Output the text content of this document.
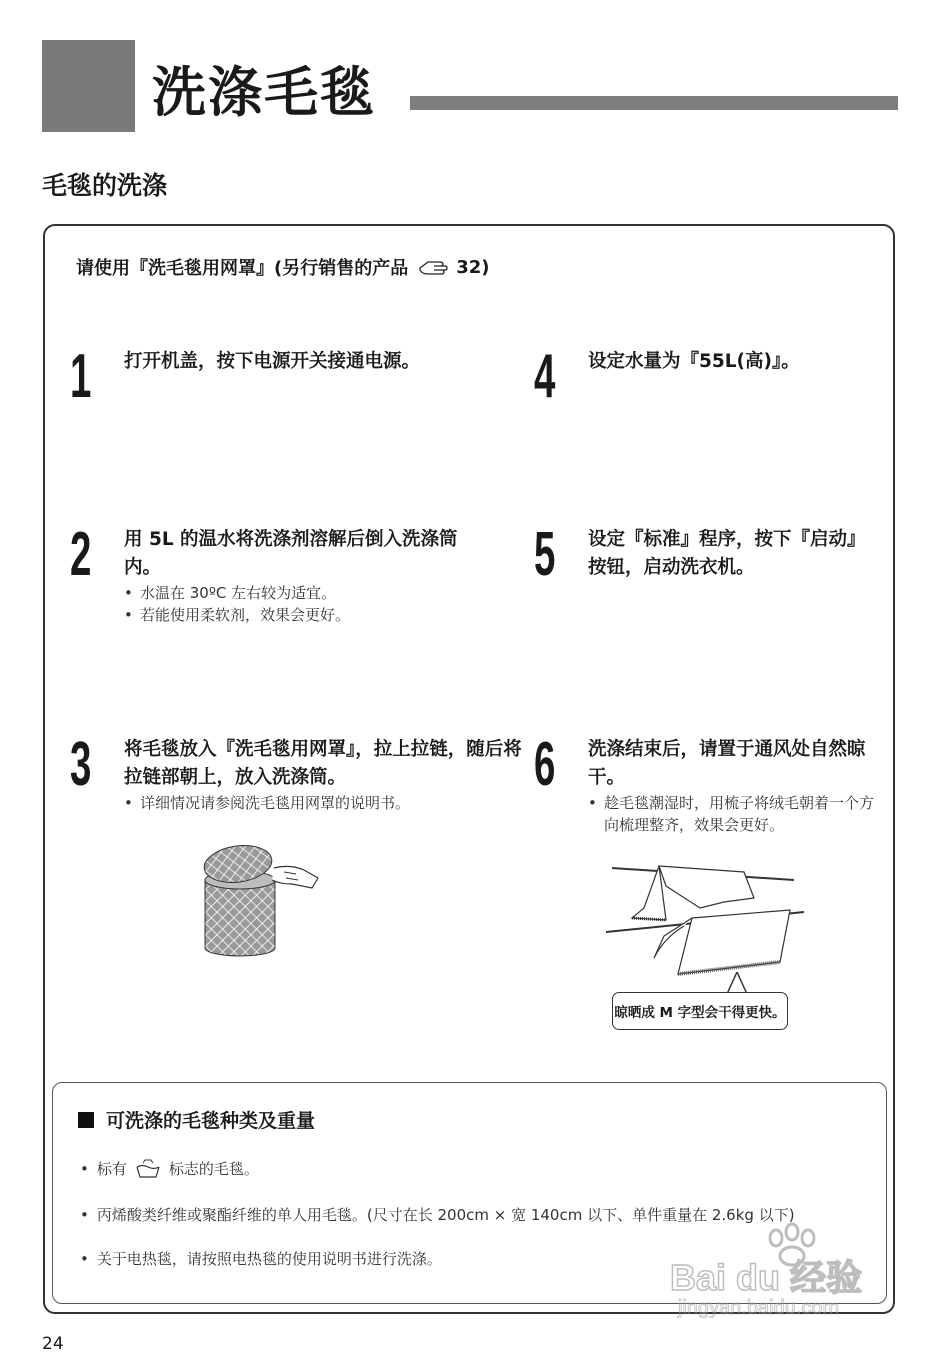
洗涤毛毯
毛毯的洗涤
请使用『洗毛毯用网罩』(另行销售的产品	32)
1 打开机盖，按下电源开关接通电源。
2 用 5L 的温水将洗涤剂溶解后倒入洗涤筒内。
• 水温在 30ºC 左右较为适宜。
• 若能使用柔软剂，效果会更好。
3 将毛毯放入『洗毛毯用网罩』，拉上拉链，随后将拉链部朝上，放入洗涤筒。
• 详细情况请参阅洗毛毯用网罩的说明书。
4 设定水量为『55L(高)』。
5 设定『标准』程序，按下『启动』按钮，启动洗衣机。
6 洗涤结束后，请置于通风处自然晾干。
• 趁毛毯潮湿时，用梳子将绒毛朝着一个方向梳理整齐，效果会更好。
晾晒成 M 字型会干得更快。
可洗涤的毛毯种类及重量
• 标有	标志的毛毯。
• 丙烯酸类纤维或聚酯纤维的单人用毛毯。(尺寸在长 200cm × 宽 140cm 以下、单件重量在 2.6kg 以下)
• 关于电热毯，请按照电热毯的使用说明书进行洗涤。
24
Bai du 经验
jingyan.baidu.com
